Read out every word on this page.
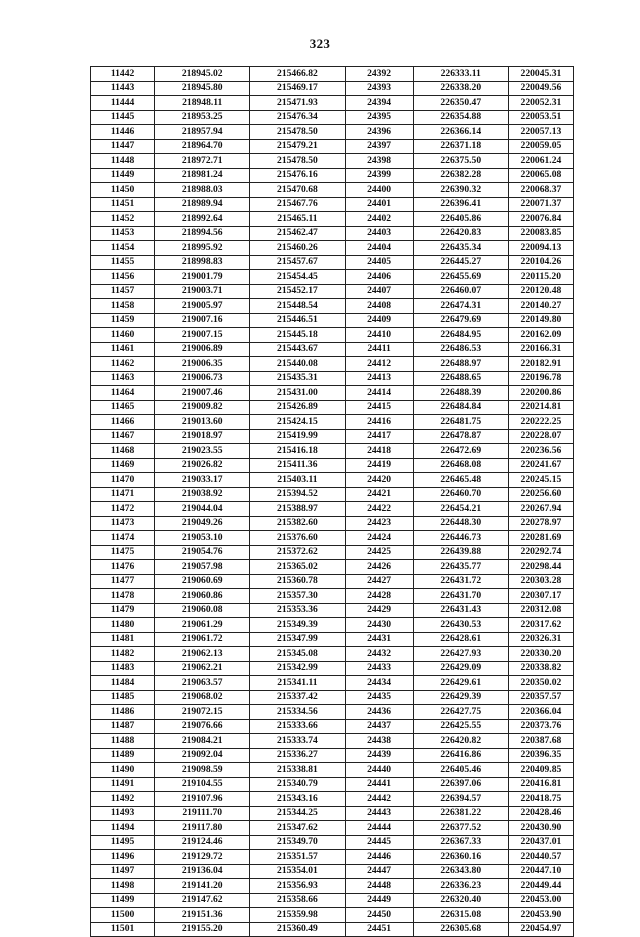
323
11442	218945.02	215466.82	24392	226333.11	220045.31
11443	218945.80	215469.17	24393	226338.20	220049.56
11444	218948.11	215471.93	24394	226350.47	220052.31
11445	218953.25	215476.34	24395	226354.88	220053.51
11446	218957.94	215478.50	24396	226366.14	220057.13
11447	218964.70	215479.21	24397	226371.18	220059.05
11448	218972.71	215478.50	24398	226375.50	220061.24
11449	218981.24	215476.16	24399	226382.28	220065.08
11450	218988.03	215470.68	24400	226390.32	220068.37
11451	218989.94	215467.76	24401	226396.41	220071.37
11452	218992.64	215465.11	24402	226405.86	220076.84
11453	218994.56	215462.47	24403	226420.83	220083.85
11454	218995.92	215460.26	24404	226435.34	220094.13
11455	218998.83	215457.67	24405	226445.27	220104.26
11456	219001.79	215454.45	24406	226455.69	220115.20
11457	219003.71	215452.17	24407	226460.07	220120.48
11458	219005.97	215448.54	24408	226474.31	220140.27
11459	219007.16	215446.51	24409	226479.69	220149.80
11460	219007.15	215445.18	24410	226484.95	220162.09
11461	219006.89	215443.67	24411	226486.53	220166.31
11462	219006.35	215440.08	24412	226488.97	220182.91
11463	219006.73	215435.31	24413	226488.65	220196.78
11464	219007.46	215431.00	24414	226488.39	220200.86
11465	219009.82	215426.89	24415	226484.84	220214.81
11466	219013.60	215424.15	24416	226481.75	220222.25
11467	219018.97	215419.99	24417	226478.87	220228.07
11468	219023.55	215416.18	24418	226472.69	220236.56
11469	219026.82	215411.36	24419	226468.08	220241.67
11470	219033.17	215403.11	24420	226465.48	220245.15
11471	219038.92	215394.52	24421	226460.70	220256.60
11472	219044.04	215388.97	24422	226454.21	220267.94
11473	219049.26	215382.60	24423	226448.30	220278.97
11474	219053.10	215376.60	24424	226446.73	220281.69
11475	219054.76	215372.62	24425	226439.88	220292.74
11476	219057.98	215365.02	24426	226435.77	220298.44
11477	219060.69	215360.78	24427	226431.72	220303.28
11478	219060.86	215357.30	24428	226431.70	220307.17
11479	219060.08	215353.36	24429	226431.43	220312.08
11480	219061.29	215349.39	24430	226430.53	220317.62
11481	219061.72	215347.99	24431	226428.61	220326.31
11482	219062.13	215345.08	24432	226427.93	220330.20
11483	219062.21	215342.99	24433	226429.09	220338.82
11484	219063.57	215341.11	24434	226429.61	220350.02
11485	219068.02	215337.42	24435	226429.39	220357.57
11486	219072.15	215334.56	24436	226427.75	220366.04
11487	219076.66	215333.66	24437	226425.55	220373.76
11488	219084.21	215333.74	24438	226420.82	220387.68
11489	219092.04	215336.27	24439	226416.86	220396.35
11490	219098.59	215338.81	24440	226405.46	220409.85
11491	219104.55	215340.79	24441	226397.06	220416.81
11492	219107.96	215343.16	24442	226394.57	220418.75
11493	219111.70	215344.25	24443	226381.22	220428.46
11494	219117.80	215347.62	24444	226377.52	220430.90
11495	219124.46	215349.70	24445	226367.33	220437.01
11496	219129.72	215351.57	24446	226360.16	220440.57
11497	219136.04	215354.01	24447	226343.80	220447.10
11498	219141.20	215356.93	24448	226336.23	220449.44
11499	219147.62	215358.66	24449	226320.40	220453.00
11500	219151.36	215359.98	24450	226315.08	220453.90
11501	219155.20	215360.49	24451	226305.68	220454.97
